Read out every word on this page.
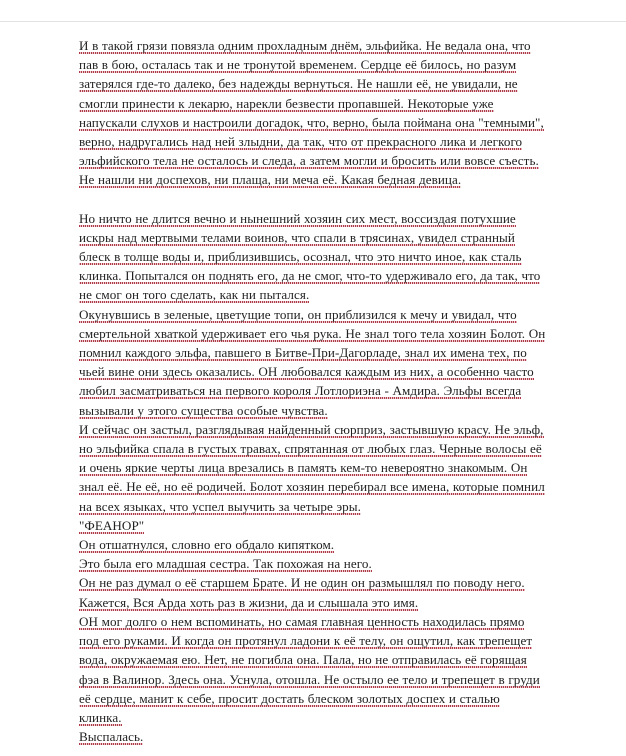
И в такой грязи повязла одним прохладным днём, эльфийка. Не ведала она, что пав в бою, осталась так и не тронутой временем. Сердце её билось, но разум затерялся где-то далеко, без надежды вернуться. Не нашли её, не увидали, не смогли принести к лекарю, нарекли безвести пропавшей. Некоторые уже напускали слухов и настроили догадок, что, верно, была поймана она "темными", верно, надругались над ней злыдни, да так, что от прекрасного лика и легкого эльфийского тела не осталось и следа, а затем могли и бросить или вовсе съесть. Не нашли ни доспехов, ни плаща, ни меча её. Какая бедная девица.

Но ничто не длится вечно и нынешний хозяин сих мест, воссиздая потухшие искры над мертвыми телами воинов, что спали в трясинах, увидел странный блеск в толще воды и, приблизившись, осознал, что это ничто иное, как сталь клинка. Попытался он поднять его, да не смог, что-то удерживало его, да так, что не смог он того сделать, как ни пытался.

Окунувшись в зеленые, цветущие топи, он приблизился к мечу и увидал, что смертельной хваткой удерживает его чья рука. Не знал того тела хозяин Болот. Он помнил каждого эльфа, павшего в Битве-При-Дагорладе, знал их имена тех, по чьей вине они здесь оказались. ОН любовался каждым из них, а особенно часто любил засматриваться на первого короля Лотлориэна - Амдира. Эльфы всегда вызывали у этого существа особые чувства.

И сейчас он застыл, разглядывая найденный сюрприз, застывшую красу. Не эльф, но эльфийка спала в густых травах, спрятанная от любых глаз. Черные волосы её и очень яркие черты лица врезались в память кем-то невероятно знакомым. Он знал её. Не её, но её родичей. Болот хозяин перебирал все имена, которые помнил на всех языках, что успел выучить за четыре эры.

"ФЕАНОР"

Он отшатнулся, словно его обдало кипятком.

Это была его младшая сестра. Так похожая на него.

Он не раз думал о её старшем Брате. И не один он размышлял по поводу него.

Кажется, Вся Арда хоть раз в жизни, да и слышала это имя.

ОН мог долго о нем вспоминать, но самая главная ценность находилась прямо под его руками. И когда он протянул ладони к её телу, он ощутил, как трепещет вода, окружаемая ею. Нет, не погибла она. Пала, но не отправилась её горящая фэа в Валинор. Здесь она. Уснула, отошла. Не остыло ее тело и трепещет в груди её сердце, манит к себе, просит достать блеском золотых доспех и сталью клинка.

Выспалась.
